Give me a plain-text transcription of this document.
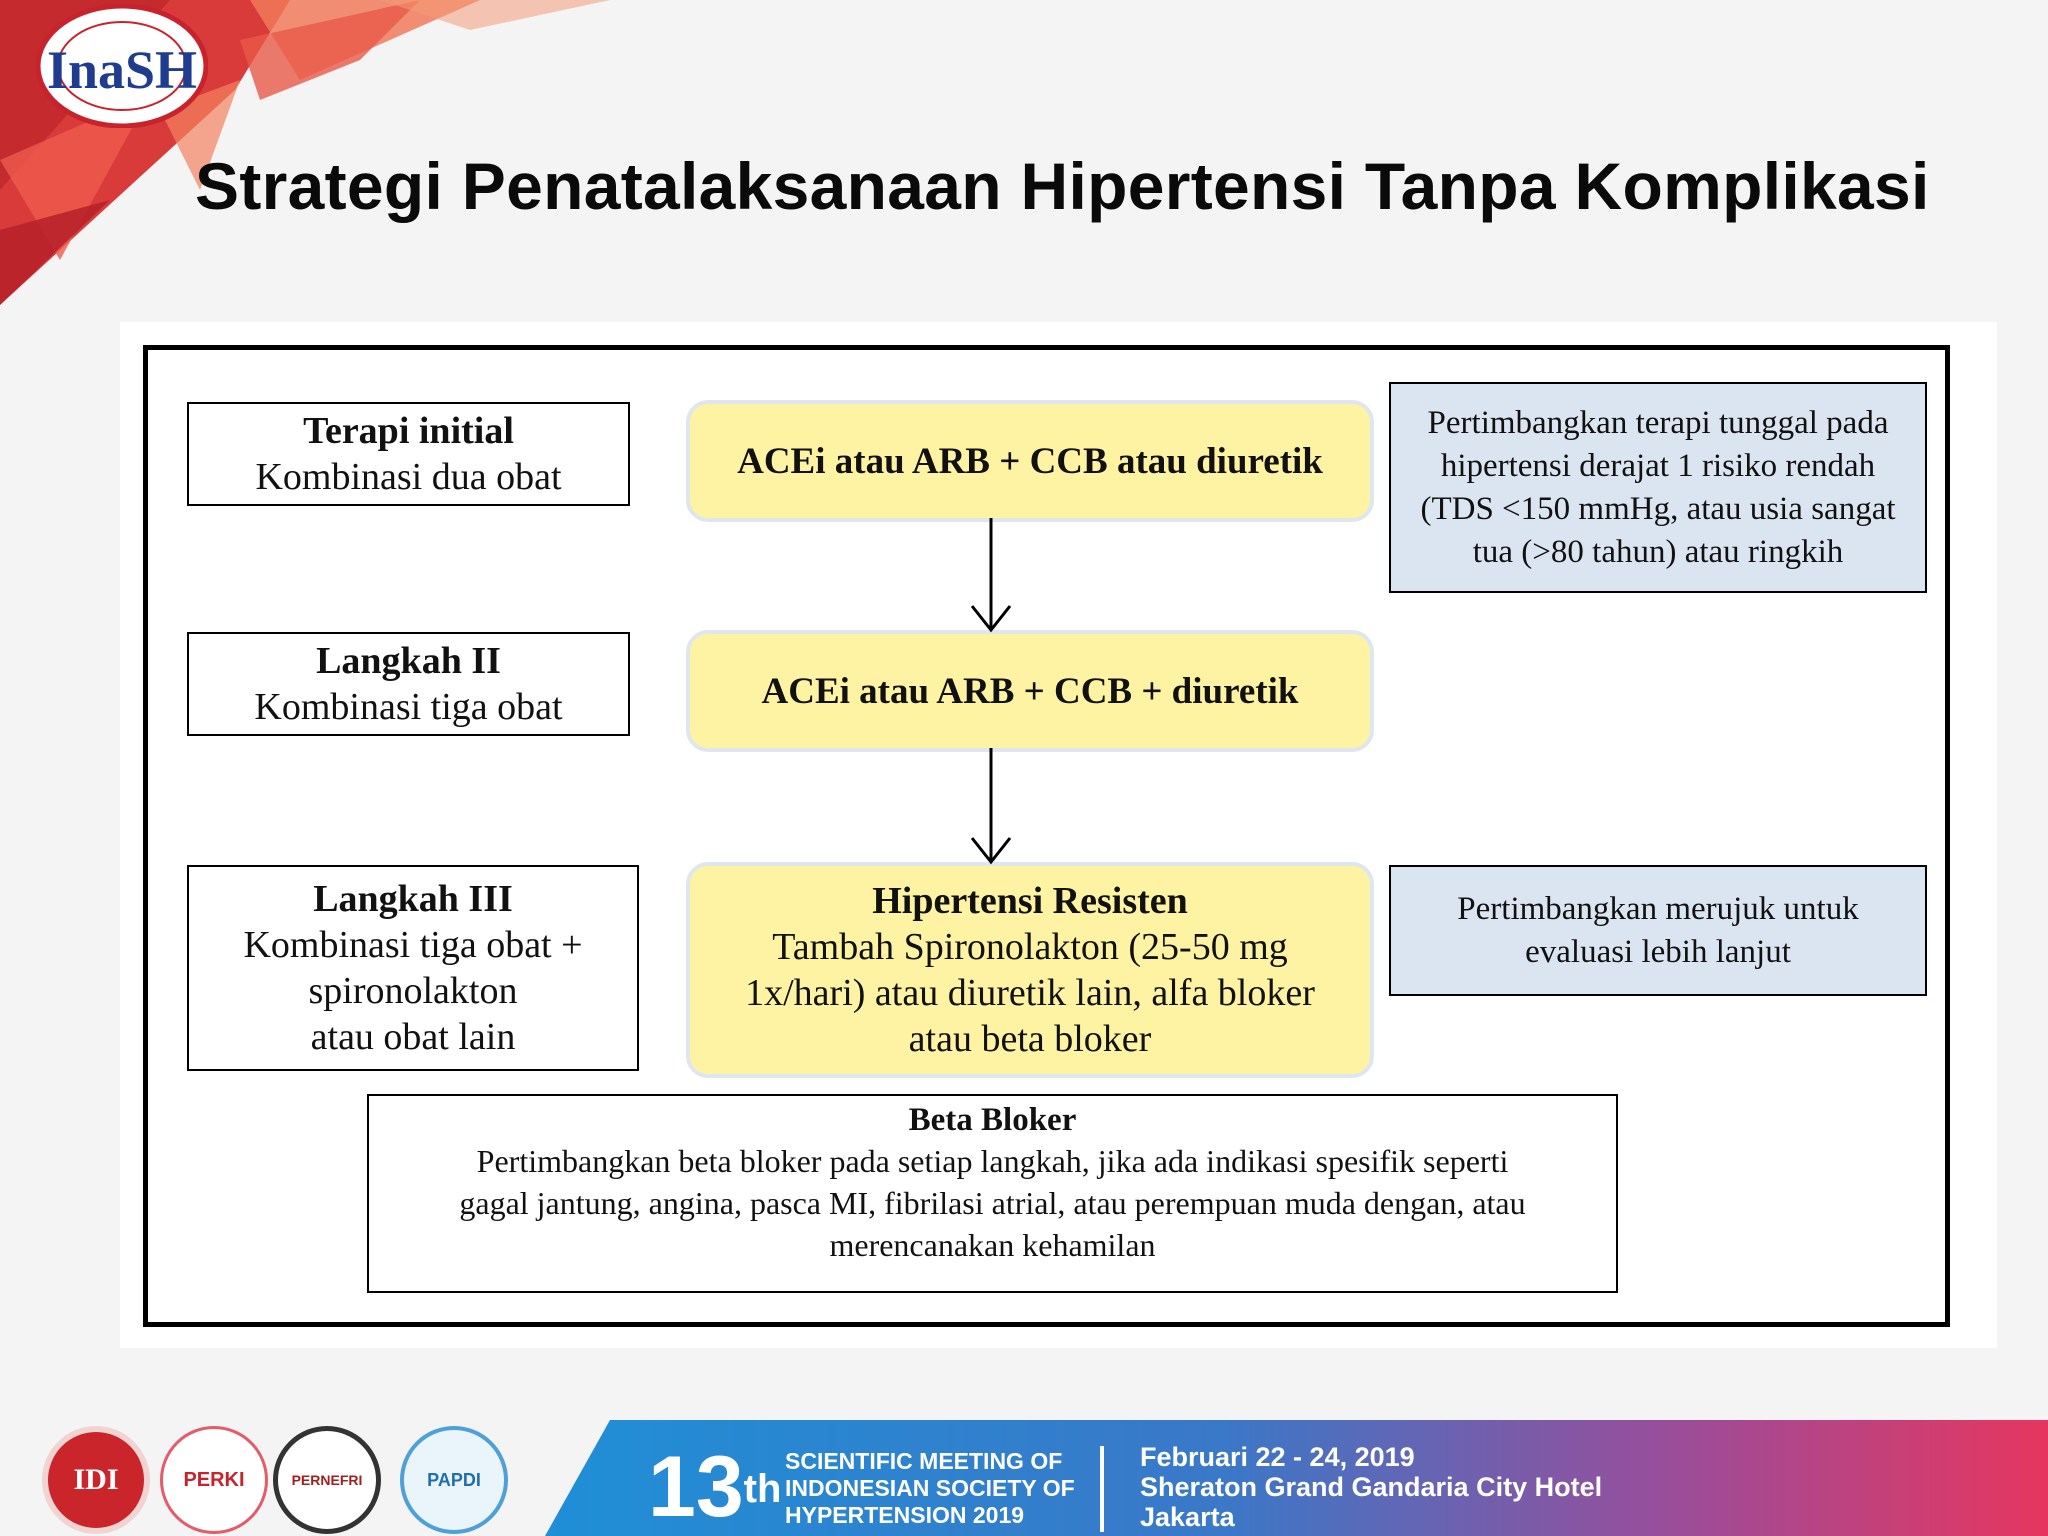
InaSH
Strategi Penatalaksanaan Hipertensi Tanpa Komplikasi
Terapi initial
Kombinasi dua obat
Langkah II
Kombinasi tiga obat
Langkah III
Kombinasi tiga obat +
spironolakton
atau obat lain
ACEi atau ARB + CCB atau diuretik
ACEi atau ARB + CCB + diuretik
Hipertensi Resisten
Tambah Spironolakton (25-50 mg
1x/hari) atau diuretik lain, alfa bloker
atau beta bloker
Pertimbangkan terapi tunggal pada
hipertensi derajat 1 risiko rendah
(TDS <150 mmHg, atau usia sangat
tua (>80 tahun) atau ringkih
Pertimbangkan merujuk untuk
evaluasi lebih lanjut
Beta Bloker
Pertimbangkan beta bloker pada setiap langkah, jika ada indikasi spesifik seperti
gagal jantung, angina, pasca MI, fibrilasi atrial, atau perempuan muda dengan, atau
merencanakan kehamilan
IDI	PERKI	PERNEFRI	PAPDI 13th
SCIENTIFIC MEETING OF
INDONESIAN SOCIETY OF
HYPERTENSION 2019
Februari 22 - 24, 2019
Sheraton Grand Gandaria City Hotel
Jakarta
